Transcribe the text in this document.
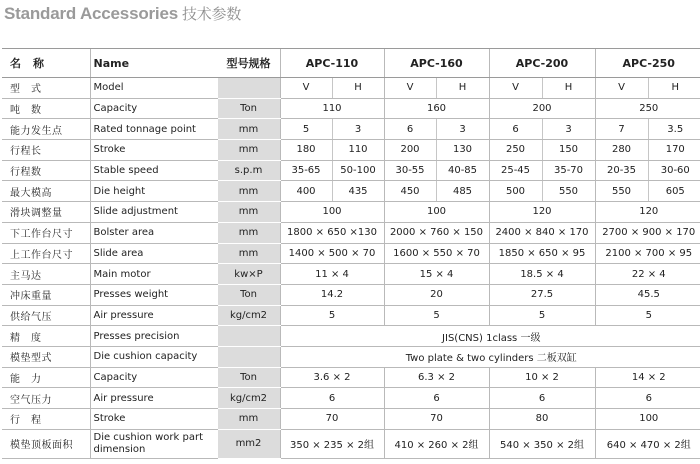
Standard Accessories 技术参数
名　称	Name	型号规格	APC-110		APC-160		APC-200		APC-250	
型　式	Model		V	H	V	H	V	H	V	H
吨　数	Capacity	Ton	110		160		200		250	
能力发生点	Rated tonnage point	mm	5	3	6	3	6	3	7	3.5
行程长	Stroke	mm	180	110	200	130	250	150	280	170
行程数	Stable speed	s.p.m	35-65	50-100	30-55	40-85	25-45	35-70	20-35	30-60
最大模高	Die height	mm	400	435	450	485	500	550	550	605
滑块调整量	Slide adjustment	mm	100		100		120		120	
下工作台尺寸	Bolster area	mm	1800 × 650 ×130		2000 × 760 × 150		2400 × 840 × 170		2700 × 900 × 170	
上工作台尺寸	Slide area	mm	1400 × 500 × 70		1600 × 550 × 70		1850 × 650 × 95		2100 × 700 × 95	
主马达	Main motor	kw×P	11 × 4		15 × 4		18.5 × 4		22 × 4	
冲床重量	Presses weight	Ton	14.2		20		27.5		45.5	
供给气压	Air pressure	kg/cm2	5		5		5		5	
精　度	Presses precision		JIS(CNS) 1class 一级							
模垫型式	Die cushion capacity		Two plate & two cylinders 二板双缸							
能　力	Capacity	Ton	3.6 × 2		6.3 × 2		10 × 2		14 × 2	
空气压力	Air pressure	kg/cm2	6		6		6		6	
行　程	Stroke	mm	70		70		80		100	
模垫顶板面积	Die cushion work part dimension	mm2	350 × 235 × 2组		410 × 260 × 2组		540 × 350 × 2组		640 × 470 × 2组	
